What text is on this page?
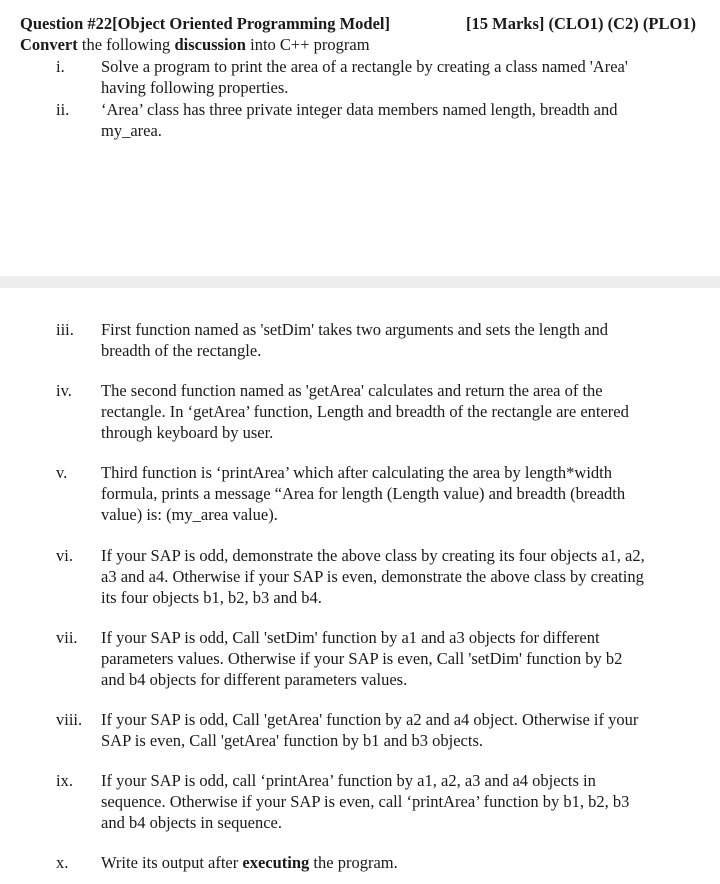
Question #22[Object Oriented Programming Model]	[15 Marks] (CLO1) (C2) (PLO1)
Convert the following discussion into C++ program
i.	Solve a program to print the area of a rectangle by creating a class named 'Area'
having following properties.
ii.	‘Area’ class has three private integer data members named length, breadth and
my_area.
iii.	First function named as 'setDim' takes two arguments and sets the length and
breadth of the rectangle.
iv.	The second function named as 'getArea' calculates and return the area of the
rectangle. In ‘getArea’ function, Length and breadth of the rectangle are entered
through keyboard by user.
v.	Third function is ‘printArea’ which after calculating the area by length*width
formula, prints a message “Area for length (Length value) and breadth (breadth
value) is: (my_area value).
vi.	If your SAP is odd, demonstrate the above class by creating its four objects a1, a2,
a3 and a4. Otherwise if your SAP is even, demonstrate the above class by creating
its four objects b1, b2, b3 and b4.
vii.	If your SAP is odd, Call 'setDim' function by a1 and a3 objects for different
parameters values. Otherwise if your SAP is even, Call 'setDim' function by b2
and b4 objects for different parameters values.
viii.	If your SAP is odd, Call 'getArea' function by a2 and a4 object. Otherwise if your
SAP is even, Call 'getArea' function by b1 and b3 objects.
ix.	If your SAP is odd, call ‘printArea’ function by a1, a2, a3 and a4 objects in
sequence. Otherwise if your SAP is even, call ‘printArea’ function by b1, b2, b3
and b4 objects in sequence.
x.	Write its output after executing the program.
